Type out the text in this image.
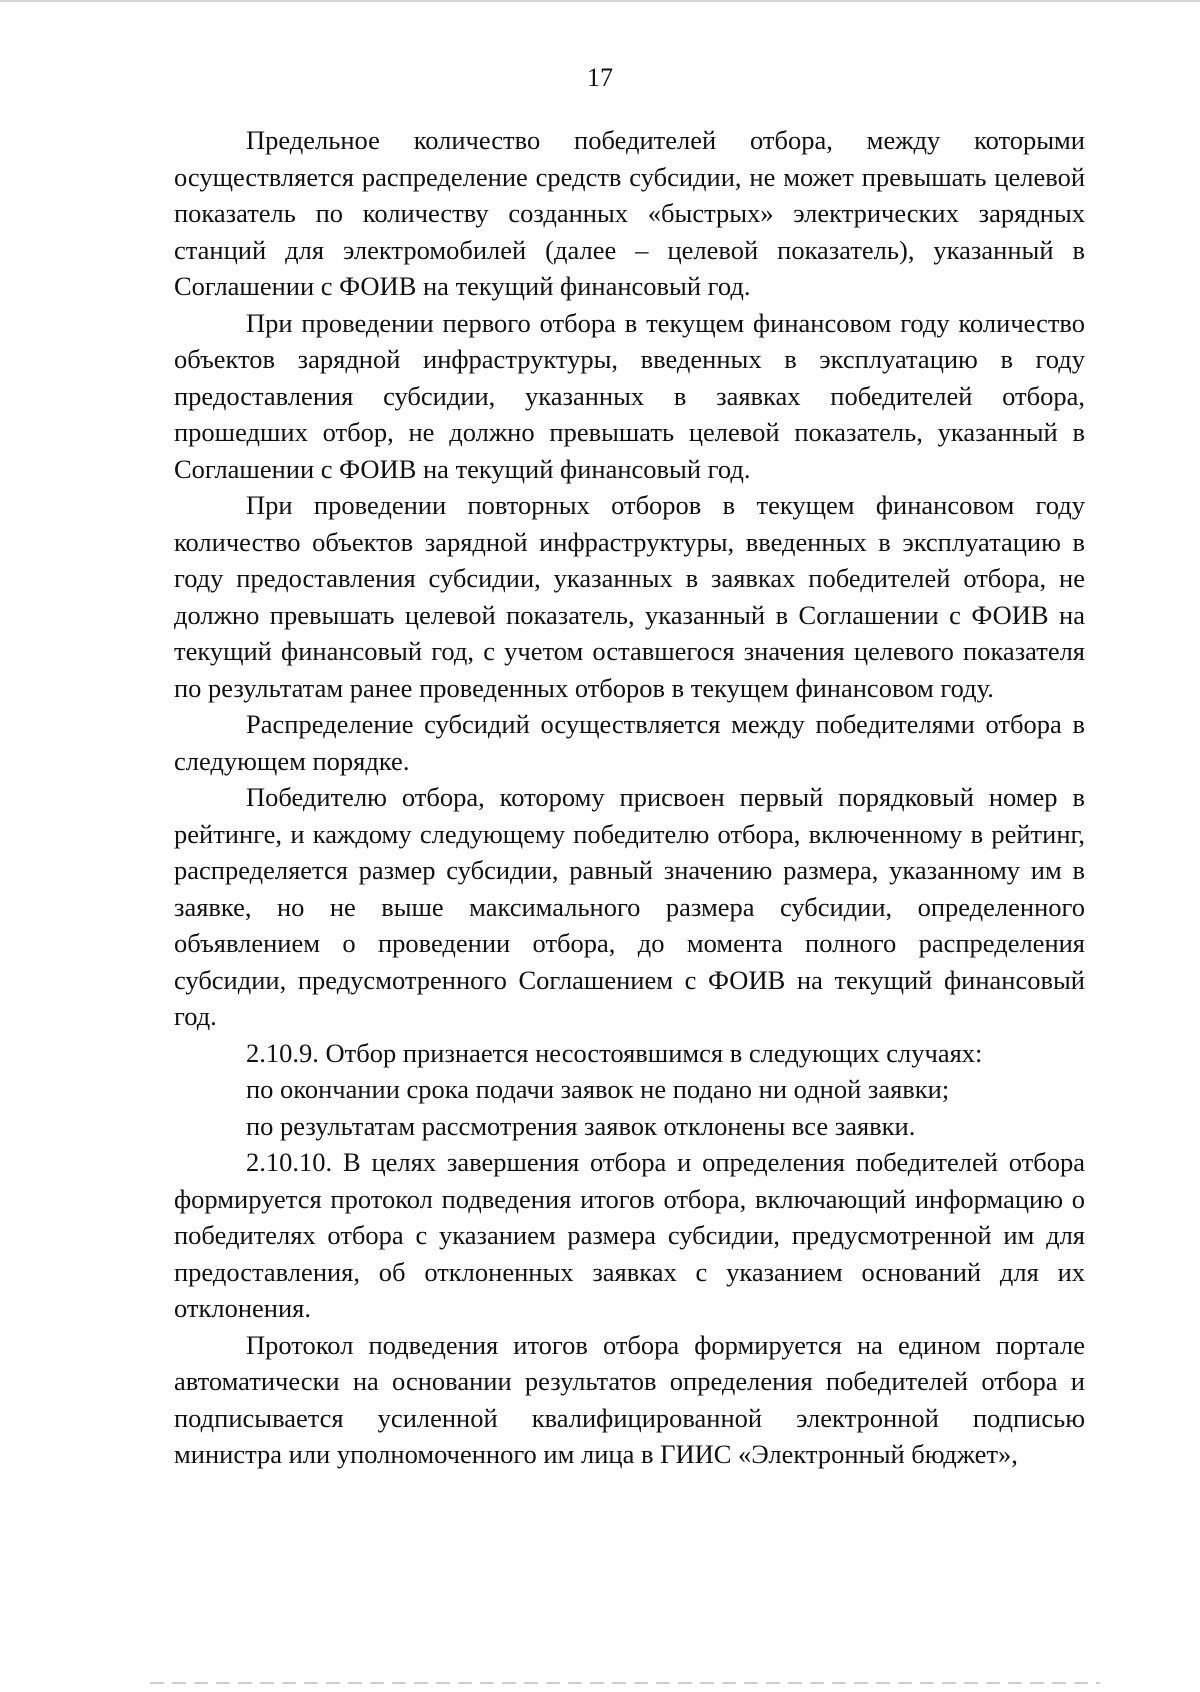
17

Предельное количество победителей отбора, между которыми осуществляется распределение средств субсидии, не может превышать целевой показатель по количеству созданных «быстрых» электрических зарядных станций для электромобилей (далее – целевой показатель), указанный в Соглашении с ФОИВ на текущий финансовый год.

При проведении первого отбора в текущем финансовом году количество объектов зарядной инфраструктуры, введенных в эксплуатацию в году предоставления субсидии, указанных в заявках победителей отбора, прошедших отбор, не должно превышать целевой показатель, указанный в Соглашении с ФОИВ на текущий финансовый год.

При проведении повторных отборов в текущем финансовом году количество объектов зарядной инфраструктуры, введенных в эксплуатацию в году предоставления субсидии, указанных в заявках победителей отбора, не должно превышать целевой показатель, указанный в Соглашении с ФОИВ на текущий финансовый год, с учетом оставшегося значения целевого показателя по результатам ранее проведенных отборов в текущем финансовом году.

Распределение субсидий осуществляется между победителями отбора в следующем порядке.

Победителю отбора, которому присвоен первый порядковый номер в рейтинге, и каждому следующему победителю отбора, включенному в рейтинг, распределяется размер субсидии, равный значению размера, указанному им в заявке, но не выше максимального размера субсидии, определенного объявлением о проведении отбора, до момента полного распределения субсидии, предусмотренного Соглашением с ФОИВ на текущий финансовый год.

2.10.9. Отбор признается несостоявшимся в следующих случаях:

по окончании срока подачи заявок не подано ни одной заявки;

по результатам рассмотрения заявок отклонены все заявки.

2.10.10. В целях завершения отбора и определения победителей отбора формируется протокол подведения итогов отбора, включающий информацию о победителях отбора с указанием размера субсидии, предусмотренной им для предоставления, об отклоненных заявках с указанием оснований для их отклонения.

Протокол подведения итогов отбора формируется на едином портале автоматически на основании результатов определения победителей отбора и подписывается усиленной квалифицированной электронной подписью министра или уполномоченного им лица в ГИИС «Электронный бюджет»,
